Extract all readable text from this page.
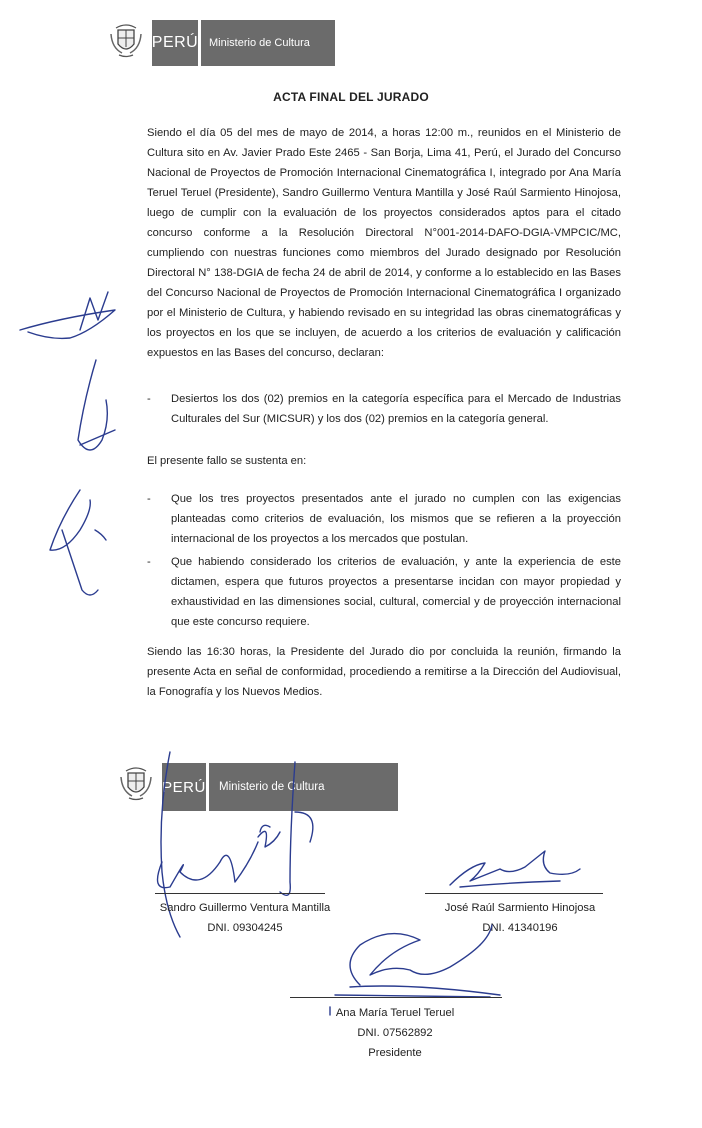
PERÚ Ministerio de Cultura
ACTA FINAL DEL JURADO
Siendo el día 05 del mes de mayo de 2014, a horas 12:00 m., reunidos en el Ministerio de Cultura sito en Av. Javier Prado Este 2465 - San Borja, Lima 41, Perú, el Jurado del Concurso Nacional de Proyectos de Promoción Internacional Cinematográfica I, integrado por Ana María Teruel Teruel (Presidente), Sandro Guillermo Ventura Mantilla y José Raúl Sarmiento Hinojosa, luego de cumplir con la evaluación de los proyectos considerados aptos para el citado concurso conforme a la Resolución Directoral N°001-2014-DAFO-DGIA-VMPCIC/MC, cumpliendo con nuestras funciones como miembros del Jurado designado por Resolución Directoral N° 138-DGIA de fecha 24 de abril de 2014, y conforme a lo establecido en las Bases del Concurso Nacional de Proyectos de Promoción Internacional Cinematográfica I organizado por el Ministerio de Cultura, y habiendo revisado en su integridad las obras cinematográficas y los proyectos en los que se incluyen, de acuerdo a los criterios de evaluación y calificación expuestos en las Bases del concurso, declaran:
- Desiertos los dos (02) premios en la categoría específica para el Mercado de Industrias Culturales del Sur (MICSUR) y los dos (02) premios en la categoría general.
El presente fallo se sustenta en:
- Que los tres proyectos presentados ante el jurado no cumplen con las exigencias planteadas como criterios de evaluación, los mismos que se refieren a la proyección internacional de los proyectos a los mercados que postulan.
- Que habiendo considerado los criterios de evaluación, y ante la experiencia de este dictamen, espera que futuros proyectos a presentarse incidan con mayor propiedad y exhaustividad en las dimensiones social, cultural, comercial y de proyección internacional que este concurso requiere.
Siendo las 16:30 horas, la Presidente del Jurado dio por concluida la reunión, firmando la presente Acta en señal de conformidad, procediendo a remitirse a la Dirección del Audiovisual, la Fonografía y los Nuevos Medios.
PERÚ	Ministerio de Cultura
Sandro Guillermo Ventura Mantilla
DNI. 09304245
José Raúl Sarmiento Hinojosa
DNI. 41340196
Ana María Teruel Teruel
DNI. 07562892
Presidente
